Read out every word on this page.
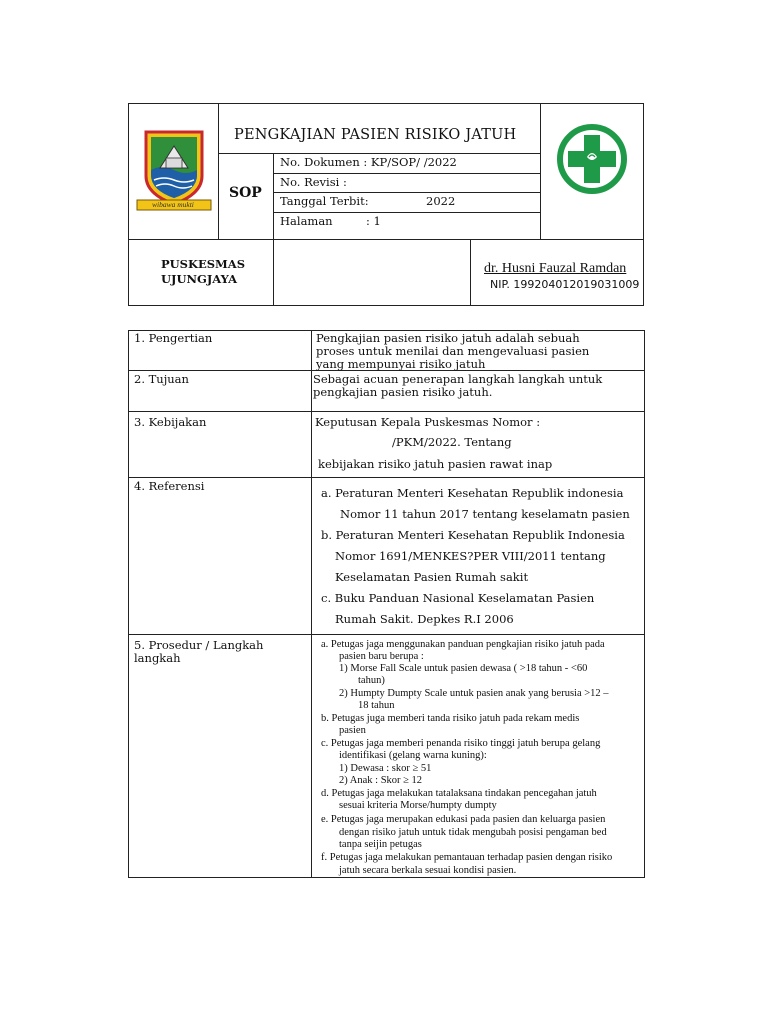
wibawa mukti
PENGKAJIAN PASIEN RISIKO JATUH
SOP
No. Dokumen : KP/SOP/ /2022
No. Revisi :
Tanggal Terbit:	2022
Halaman	: 1
PUSKESMAS
UJUNGJAYA
dr. Husni Fauzal Ramdan
NIP. 199204012019031009
1. Pengertian	Pengkajian pasien risiko jatuh adalah sebuah
proses untuk menilai dan mengevaluasi pasien
yang mempunyai risiko jatuh
2. Tujuan	Sebagai acuan penerapan langkah langkah untuk
pengkajian pasien risiko jatuh.
3. Kebijakan	Keputusan Kepala Puskesmas Nomor :
/PKM/2022. Tentang
kebijakan risiko jatuh pasien rawat inap
4. Referensi	a. Peraturan Menteri Kesehatan Republik indonesia
Nomor 11 tahun 2017 tentang keselamatn pasien
b. Peraturan Menteri Kesehatan Republik Indonesia
Nomor 1691/MENKES?PER VIII/2011 tentang
Keselamatan Pasien Rumah sakit
c. Buku Panduan Nasional Keselamatan Pasien
Rumah Sakit. Depkes R.I 2006
5. Prosedur / Langkah
langkah
a. Petugas jaga menggunakan panduan pengkajian risiko jatuh pada
pasien baru berupa :
1) Morse Fall Scale untuk pasien dewasa ( >18 tahun - <60
tahun)
2) Humpty Dumpty Scale untuk pasien anak yang berusia >12 –
18 tahun
b. Petugas juga memberi tanda risiko jatuh pada rekam medis
pasien
c. Petugas jaga memberi penanda risiko tinggi jatuh berupa gelang
identifikasi (gelang warna kuning):
1) Dewasa : skor ≥ 51
2) Anak : Skor ≥ 12
d. Petugas jaga melakukan tatalaksana tindakan pencegahan jatuh
sesuai kriteria Morse/humpty dumpty
e. Petugas jaga merupakan edukasi pada pasien dan keluarga pasien
dengan risiko jatuh untuk tidak mengubah posisi pengaman bed
tanpa seijin petugas
f. Petugas jaga melakukan pemantauan terhadap pasien dengan risiko
jatuh secara berkala sesuai kondisi pasien.
